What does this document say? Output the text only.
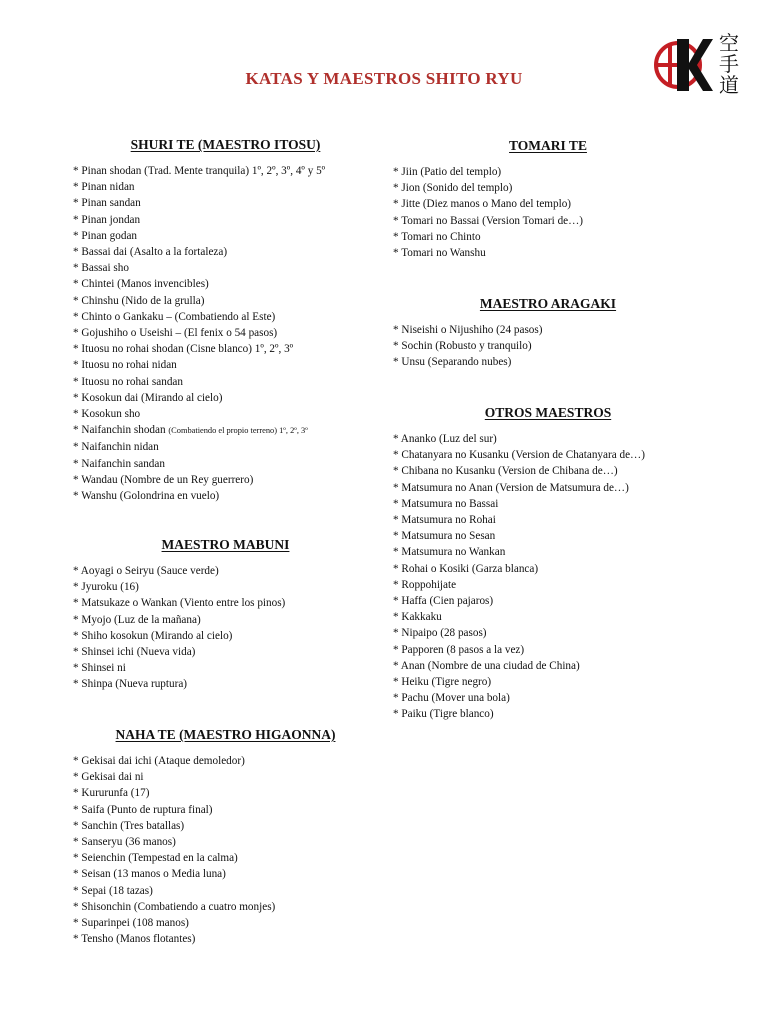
KATAS Y MAESTROS SHITO RYU
空
手
道
SHURI TE (MAESTRO ITOSU)
* Pinan shodan (Trad. Mente tranquila) 1º, 2º, 3º, 4º y 5º
* Pinan nidan
* Pinan sandan
* Pinan jondan
* Pinan godan
* Bassai dai (Asalto a la fortaleza)
* Bassai sho
* Chintei (Manos invencibles)
* Chinshu (Nido de la grulla)
* Chinto o Gankaku – (Combatiendo al Este)
* Gojushiho o Useishi – (El fenix o 54 pasos)
* Ituosu no rohai shodan (Cisne blanco) 1º, 2º, 3º
* Ituosu no rohai nidan
* Ituosu no rohai sandan
* Kosokun dai (Mirando al cielo)
* Kosokun sho
* Naifanchin shodan (Combatiendo el propio terreno) 1º, 2º, 3º
* Naifanchin nidan
* Naifanchin sandan
* Wandau (Nombre de un Rey guerrero)
* Wanshu (Golondrina en vuelo)
MAESTRO MABUNI
* Aoyagi o Seiryu (Sauce verde)
* Jyuroku (16)
* Matsukaze o Wankan (Viento entre los pinos)
* Myojo (Luz de la mañana)
* Shiho kosokun (Mirando al cielo)
* Shinsei ichi (Nueva vida)
* Shinsei ni
* Shinpa (Nueva ruptura)
NAHA TE (MAESTRO HIGAONNA)
* Gekisai dai ichi (Ataque demoledor)
* Gekisai dai ni
* Kururunfa (17)
* Saifa (Punto de ruptura final)
* Sanchin (Tres batallas)
* Sanseryu (36 manos)
* Seienchin (Tempestad en la calma)
* Seisan (13 manos o Media luna)
* Sepai (18 tazas)
* Shisonchin (Combatiendo a cuatro monjes)
* Suparinpei (108 manos)
* Tensho (Manos flotantes)
TOMARI TE
* Jiin (Patio del templo)
* Jion (Sonido del templo)
* Jitte (Diez manos o Mano del templo)
* Tomari no Bassai (Version Tomari de…)
* Tomari no Chinto
* Tomari no Wanshu
MAESTRO ARAGAKI
* Niseishi o Nijushiho (24 pasos)
* Sochin (Robusto y tranquilo)
* Unsu (Separando nubes)
OTROS MAESTROS
* Ananko (Luz del sur)
* Chatanyara no Kusanku (Version de Chatanyara de…)
* Chibana no Kusanku (Version de Chibana de…)
* Matsumura no Anan (Version de Matsumura de…)
* Matsumura no Bassai
* Matsumura no Rohai
* Matsumura no Sesan
* Matsumura no Wankan
* Rohai o Kosiki (Garza blanca)
* Roppohijate
* Haffa (Cien pajaros)
* Kakkaku
* Nipaipo (28 pasos)
* Papporen (8 pasos a la vez)
* Anan (Nombre de una ciudad de China)
* Heiku (Tigre negro)
* Pachu (Mover una bola)
* Paiku (Tigre blanco)
